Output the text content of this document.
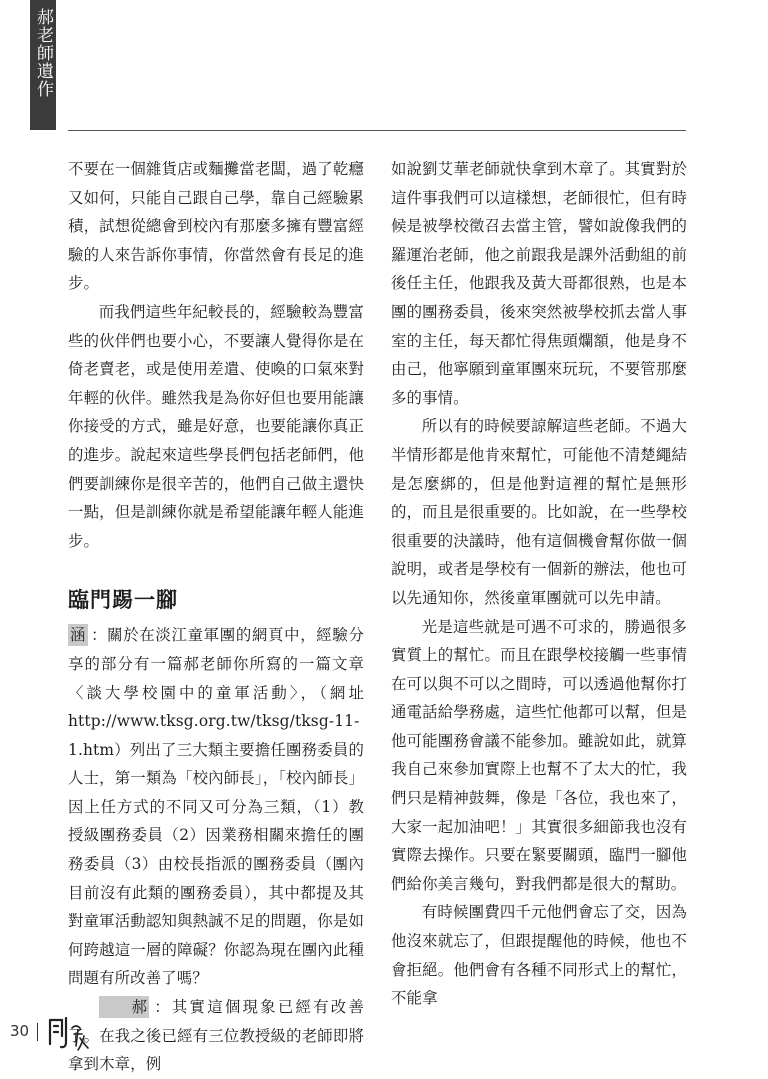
郝老師遺作

不要在一個雜貨店或麵攤當老闆，過了乾癮又如何，只能自己跟自己學，靠自己經驗累積，試想從總會到校內有那麼多擁有豐富經驗的人來告訴你事情，你當然會有長足的進步。

而我們這些年紀較長的，經驗較為豐富些的伙伴們也要小心，不要讓人覺得你是在倚老賣老，或是使用差遣、使喚的口氣來對年輕的伙伴。雖然我是為你好但也要用能讓你接受的方式，雖是好意，也要能讓你真正的進步。說起來這些學長們包括老師們，他們要訓練你是很辛苦的，他們自己做主還快一點，但是訓練你就是希望能讓年輕人能進步。

臨門踢一腳

涵 ：關於在淡江童軍團的網頁中，經驗分享的部分有一篇郝老師你所寫的一篇文章〈談大學校園中的童軍活動〉，（網址http://www.tksg.org.tw/tksg/tksg-11-1.htm）列出了三大類主要擔任團務委員的人士，第一類為「校內師長」，「校內師長」因上任方式的不同又可分為三類，（1）教授級團務委員（2）因業務相關來擔任的團務委員（3）由校長指派的團務委員（團內目前沒有此類的團務委員），其中都提及其對童軍活動認知與熱誠不足的問題，你是如何跨越這一層的障礙？你認為現在團內此種問題有所改善了嗎？

郝 ：其實這個現象已經有改善了。在我之後已經有三位教授級的老師即將拿到木章，例

如說劉艾華老師就快拿到木章了。其實對於這件事我們可以這樣想，老師很忙，但有時候是被學校徵召去當主管，譬如說像我們的羅運治老師，他之前跟我是課外活動組的前後任主任，他跟我及黃大哥都很熟，也是本團的團務委員，後來突然被學校抓去當人事室的主任，每天都忙得焦頭爛額，他是身不由己，他寧願到童軍團來玩玩，不要管那麼多的事情。

所以有的時候要諒解這些老師。不過大半情形都是他肯來幫忙，可能他不清楚繩結是怎麼綁的，但是他對這裡的幫忙是無形的，而且是很重要的。比如說，在一些學校很重要的決議時，他有這個機會幫你做一個說明，或者是學校有一個新的辦法，他也可以先通知你，然後童軍團就可以先申請。

光是這些就是可遇不可求的，勝過很多實質上的幫忙。而且在跟學校接觸一些事情在可以與不可以之間時，可以透過他幫你打通電話給學務處，這些忙他都可以幫，但是他可能團務會議不能參加。雖說如此，就算我自己來參加實際上也幫不了太大的忙，我們只是精神鼓舞，像是「各位，我也來了，大家一起加油吧！」其實很多細節我也沒有實際去操作。只要在緊要關頭，臨門一腳他們給你美言幾句，對我們都是很大的幫助。

有時候團費四千元他們會忘了交，因為他沒來就忘了，但跟提醒他的時候，他也不會拒絕。他們會有各種不同形式上的幫忙，不能拿

30
